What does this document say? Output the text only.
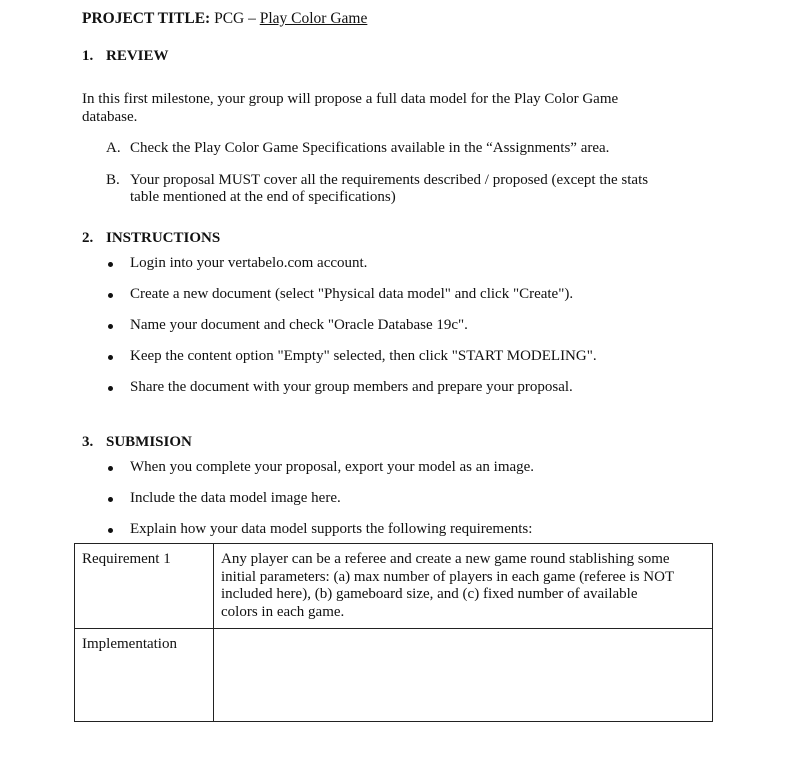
PROJECT TITLE: PCG – Play Color Game
1. REVIEW
In this first milestone, your group will propose a full data model for the Play Color Game
database.
A. Check the Play Color Game Specifications available in the “Assignments” area.
B. Your proposal MUST cover all the requirements described / proposed (except the stats
table mentioned at the end of specifications)
2. INSTRUCTIONS
Login into your vertabelo.com account.
Create a new document (select "Physical data model" and click "Create").
Name your document and check "Oracle Database 19c".
Keep the content option "Empty" selected, then click "START MODELING".
Share the document with your group members and prepare your proposal.
3. SUBMISION
When you complete your proposal, export your model as an image.
Include the data model image here.
Explain how your data model supports the following requirements:
Requirement 1	Any player can be a referee and create a new game round stablishing some
initial parameters: (a) max number of players in each game (referee is NOT
included here), (b) gameboard size, and (c) fixed number of available
colors in each game.

Implementation	
